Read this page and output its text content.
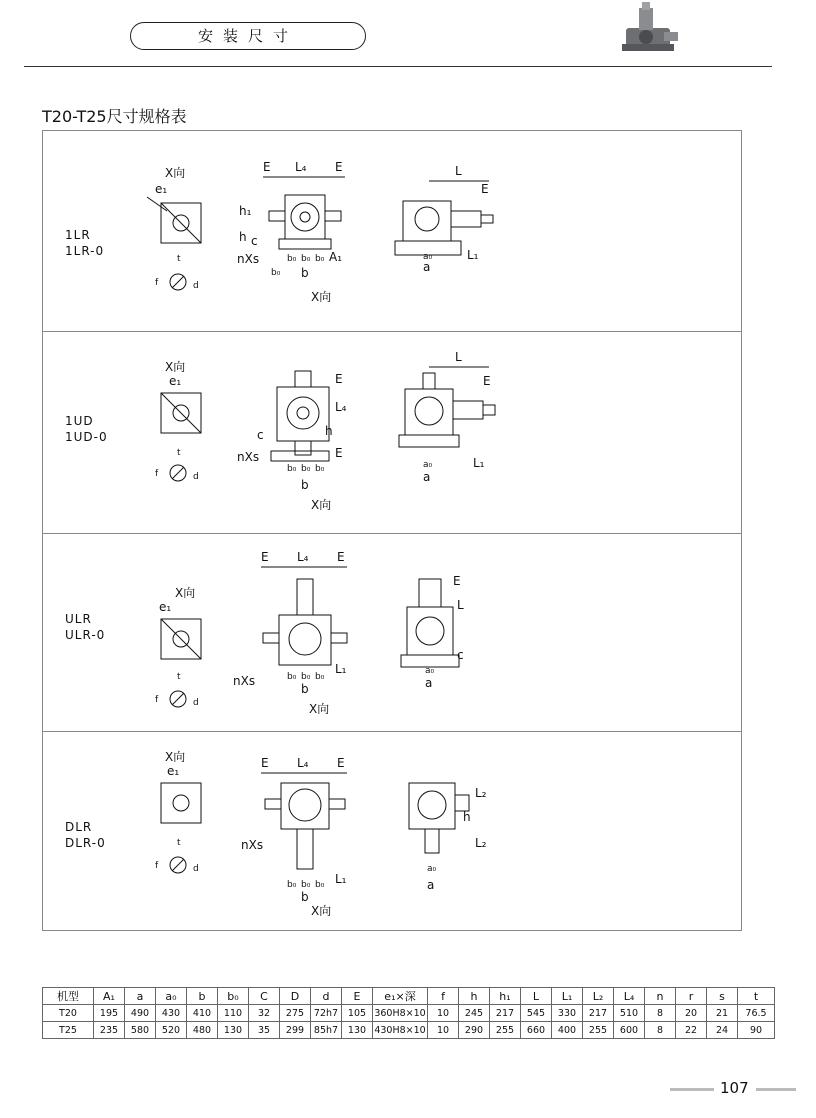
安装尺寸
T20-T25尺寸规格表
1LR
1LR-0
X向
e₁
t
d
f
E L₄ E
h₁
h c
nXs	b₀ b₀ b₀ A₁
b₀ b
X向
L
E
a₀
a
L₁
1UD
1UD-0
X向
e₁
t
d
f
E
L₄
E
h
c
nXs
b₀ b₀ b₀
b
X向
L
E
a₀
a
L₁
ULR
ULR-0
X向
e₁
t
d
f
E L₄ E
L₁
nXs	b₀ b₀ b₀
b
X向
E
L
c
a₀
a
DLR
DLR-0
X向
e₁
t
d
f
E L₄ E
nXs
L₁
b₀ b₀ b₀
b
X向
L₂
h
L₂
a₀
a
机型	A₁	a	a₀	b	b₀	C	D	d	E	e₁×深	f	h	h₁	L	L₁	L₂	L₄	n	r	s	t
T20	195	490	430	410	110	32	275	72h7	105	360H8×10	10	245	217	545	330	217	510	8	20	21	76.5
T25	235	580	520	480	130	35	299	85h7	130	430H8×10	10	290	255	660	400	255	600	8	22	24	90
107
